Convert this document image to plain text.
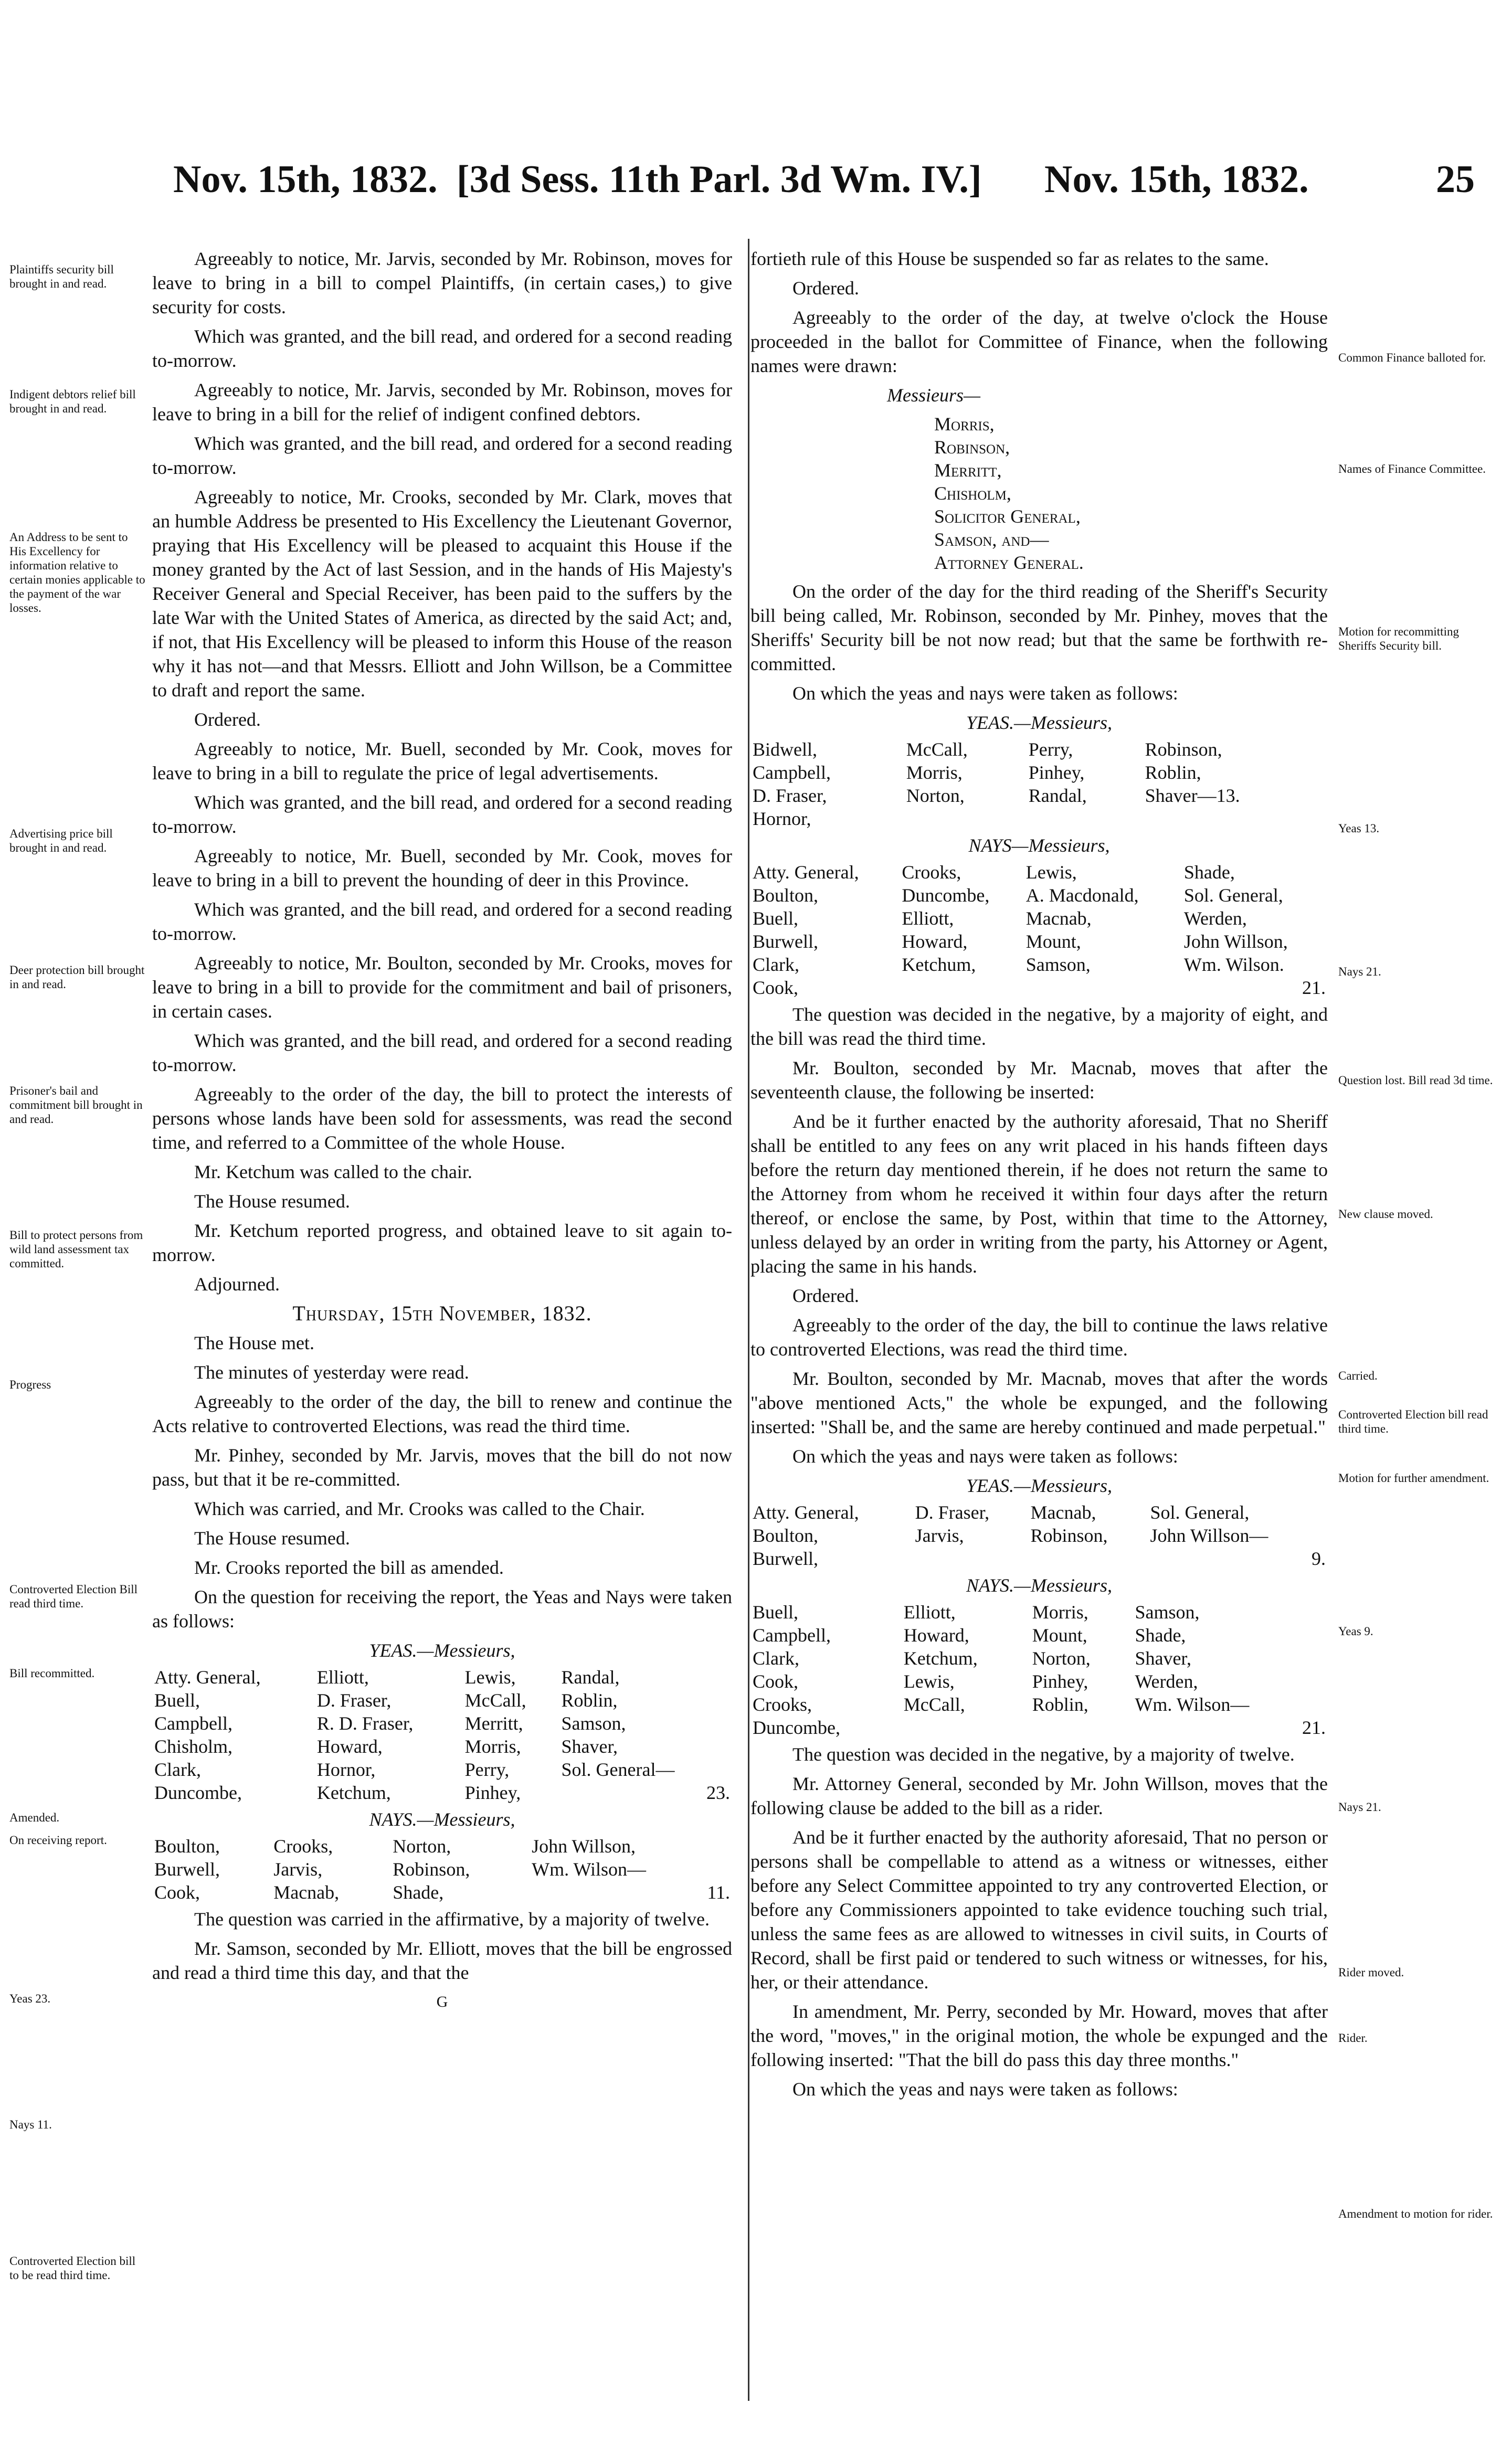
Nov. 15th, 1832. [3d Sess. 11th Parl. 3d Wm. IV.] Nov. 15th, 1832.	25
Plaintiffs security bill brought in and read.
Indigent debtors relief bill brought in and read.
An Address to be sent to His Excellency for information relative to certain monies applicable to the payment of the war losses.
Advertising price bill brought in and read.
Deer protection bill brought in and read.
Prisoner's bail and commitment bill brought in and read.
Bill to protect persons from wild land assessment tax committed.
Progress
Controverted Election Bill read third time.
Bill recommitted.
Amended.
On receiving report.
Yeas 23.
Nays 11.
Controverted Election bill to be read third time.
Common Finance balloted for.
Names of Finance Committee.
Motion for recommitting Sheriffs Security bill.
Yeas 13.
Nays 21.
Question lost. Bill read 3d time.
New clause moved.
Carried.
Controverted Election bill read third time.
Motion for further amendment.
Yeas 9.
Nays 21.
Rider moved.
Rider.
Amendment to motion for rider.

Agreeably to notice, Mr. Jarvis, seconded by Mr. Robinson, moves for leave to bring in a bill to compel Plaintiffs, (in certain cases,) to give security for costs.

Which was granted, and the bill read, and ordered for a second reading to-morrow.

Agreeably to notice, Mr. Jarvis, seconded by Mr. Robinson, moves for leave to bring in a bill for the relief of indigent confined debtors.

Which was granted, and the bill read, and ordered for a second reading to-morrow.

Agreeably to notice, Mr. Crooks, seconded by Mr. Clark, moves that an humble Address be presented to His Excellency the Lieutenant Governor, praying that His Excellency will be pleased to acquaint this House if the money granted by the Act of last Session, and in the hands of His Majesty's Receiver General and Special Receiver, has been paid to the suffers by the late War with the United States of America, as directed by the said Act; and, if not, that His Excellency will be pleased to inform this House of the reason why it has not—and that Messrs. Elliott and John Willson, be a Committee to draft and report the same.

Ordered.

Agreeably to notice, Mr. Buell, seconded by Mr. Cook, moves for leave to bring in a bill to regulate the price of legal advertisements.

Which was granted, and the bill read, and ordered for a second reading to-morrow.

Agreeably to notice, Mr. Buell, seconded by Mr. Cook, moves for leave to bring in a bill to prevent the hounding of deer in this Province.

Which was granted, and the bill read, and ordered for a second reading to-morrow.

Agreeably to notice, Mr. Boulton, seconded by Mr. Crooks, moves for leave to bring in a bill to provide for the commitment and bail of prisoners, in certain cases.

Which was granted, and the bill read, and ordered for a second reading to-morrow.

Agreeably to the order of the day, the bill to protect the interests of persons whose lands have been sold for assessments, was read the second time, and referred to a Committee of the whole House.

Mr. Ketchum was called to the chair.

The House resumed.

Mr. Ketchum reported progress, and obtained leave to sit again to-morrow.

Adjourned.

Thursday, 15th November, 1832.

The House met.

The minutes of yesterday were read.

Agreeably to the order of the day, the bill to renew and continue the Acts relative to controverted Elections, was read the third time.

Mr. Pinhey, seconded by Mr. Jarvis, moves that the bill do not now pass, but that it be re-committed.

Which was carried, and Mr. Crooks was called to the Chair.

The House resumed.

Mr. Crooks reported the bill as amended.

On the question for receiving the report, the Yeas and Nays were taken as follows:

YEAS.—Messieurs,

Atty. General,	Elliott,	Lewis,	Randal,
Buell,	D. Fraser,	McCall,	Roblin,
Campbell,	R. D. Fraser,	Merritt,	Samson,
Chisholm,	Howard,	Morris,	Shaver,
Clark,	Hornor,	Perry,	Sol. General—
Duncombe,	Ketchum,	Pinhey,	23.

NAYS.—Messieurs,

Boulton,	Crooks,	Norton,	John Willson,
Burwell,	Jarvis,	Robinson,	Wm. Wilson—
Cook,	Macnab,	Shade,	11.

The question was carried in the affirmative, by a majority of twelve.

Mr. Samson, seconded by Mr. Elliott, moves that the bill be engrossed and read a third time this day, and that the

G

fortieth rule of this House be suspended so far as relates to the same.

Ordered.

Agreeably to the order of the day, at twelve o'clock the House proceeded in the ballot for Committee of Finance, when the following names were drawn:

Messieurs—

Morris,
Robinson,
Merritt,
Chisholm,
Solicitor General,
Samson, and—
Attorney General.

On the order of the day for the third reading of the Sheriff's Security bill being called, Mr. Robinson, seconded by Mr. Pinhey, moves that the Sheriffs' Security bill be not now read; but that the same be forthwith re-committed.

On which the yeas and nays were taken as follows:

YEAS.—Messieurs,

Bidwell,	McCall,	Perry,	Robinson,
Campbell,	Morris,	Pinhey,	Roblin,
D. Fraser,	Norton,	Randal,	Shaver—13.
Hornor,			

NAYS—Messieurs,

Atty. General,	Crooks,	Lewis,	Shade,
Boulton,	Duncombe,	A. Macdonald,	Sol. General,
Buell,	Elliott,	Macnab,	Werden,
Burwell,	Howard,	Mount,	John Willson,
Clark,	Ketchum,	Samson,	Wm. Wilson.
Cook,			21.

The question was decided in the negative, by a majority of eight, and the bill was read the third time.

Mr. Boulton, seconded by Mr. Macnab, moves that after the seventeenth clause, the following be inserted:

And be it further enacted by the authority aforesaid, That no Sheriff shall be entitled to any fees on any writ placed in his hands fifteen days before the return day mentioned therein, if he does not return the same to the Attorney from whom he received it within four days after the return thereof, or enclose the same, by Post, within that time to the Attorney, unless delayed by an order in writing from the party, his Attorney or Agent, placing the same in his hands.

Ordered.

Agreeably to the order of the day, the bill to continue the laws relative to controverted Elections, was read the third time.

Mr. Boulton, seconded by Mr. Macnab, moves that after the words "above mentioned Acts," the whole be expunged, and the following inserted: "Shall be, and the same are hereby continued and made perpetual."

On which the yeas and nays were taken as follows:

YEAS.—Messieurs,

Atty. General,	D. Fraser,	Macnab,	Sol. General,
Boulton,	Jarvis,	Robinson,	John Willson—
Burwell,			9.

NAYS.—Messieurs,

Buell,	Elliott,	Morris,	Samson,
Campbell,	Howard,	Mount,	Shade,
Clark,	Ketchum,	Norton,	Shaver,
Cook,	Lewis,	Pinhey,	Werden,
Crooks,	McCall,	Roblin,	Wm. Wilson—
Duncombe,			21.

The question was decided in the negative, by a majority of twelve.

Mr. Attorney General, seconded by Mr. John Willson, moves that the following clause be added to the bill as a rider.

And be it further enacted by the authority aforesaid, That no person or persons shall be compellable to attend as a witness or witnesses, either before any Select Committee appointed to try any controverted Election, or before any Commissioners appointed to take evidence touching such trial, unless the same fees as are allowed to witnesses in civil suits, in Courts of Record, shall be first paid or tendered to such witness or witnesses, for his, her, or their attendance.

In amendment, Mr. Perry, seconded by Mr. Howard, moves that after the word, "moves," in the original motion, the whole be expunged and the following inserted: "That the bill do pass this day three months."

On which the yeas and nays were taken as follows:
